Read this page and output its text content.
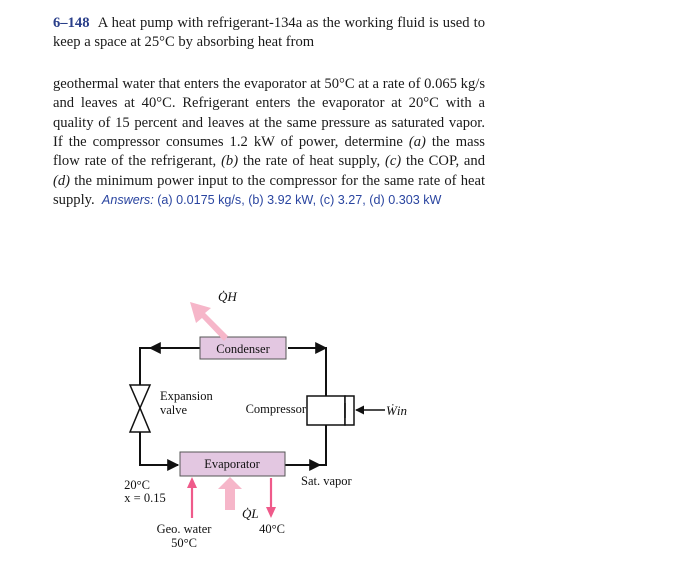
6–148 A heat pump with refrigerant-134a as the working fluid is used to keep a space at 25°C by absorbing heat from

geothermal water that enters the evaporator at 50°C at a rate of 0.065 kg/s and leaves at 40°C. Refrigerant enters the evaporator at 20°C with a quality of 15 percent and leaves at the same pressure as saturated vapor. If the compressor consumes 1.2 kW of power, determine (a) the mass flow rate of the refrigerant, (b) the rate of heat supply, (c) the COP, and (d) the minimum power input to the compressor for the same rate of heat supply. Answers: (a) 0.0175 kg/s, (b) 3.92 kW, (c) 3.27, (d) 0.303 kW

Condenser
Q̇H
Expansion
valve	Compressor	Ẇin
Evaporator
20°C
x = 0.15
Sat. vapor
Q̇L
Geo. water
50°C
40°C
